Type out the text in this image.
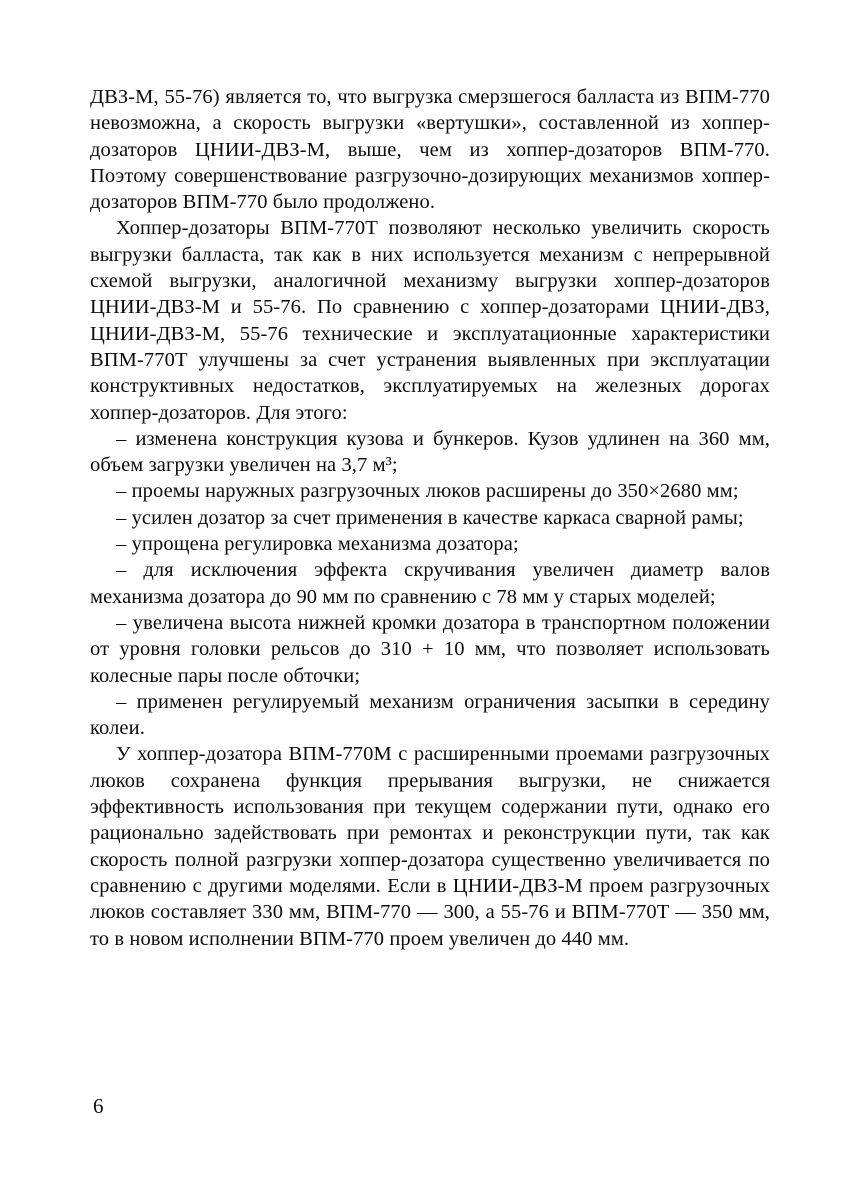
ДВЗ-М, 55-76) является то, что выгрузка смерзшегося балласта из ВПМ-770 невозможна, а скорость выгрузки «вертушки», составленной из хоппер-дозаторов ЦНИИ-ДВЗ-М, выше, чем из хоппер-дозаторов ВПМ-770. Поэтому совершенствование разгрузочно-дозирующих механизмов хоппер-дозаторов ВПМ-770 было продолжено.

Хоппер-дозаторы ВПМ-770Т позволяют несколько увеличить скорость выгрузки балласта, так как в них используется механизм с непрерывной схемой выгрузки, аналогичной механизму выгрузки хоппер-дозаторов ЦНИИ-ДВЗ-М и 55-76. По сравнению с хоппер-дозаторами ЦНИИ-ДВЗ, ЦНИИ-ДВЗ-М, 55-76 технические и эксплуатационные характеристики ВПМ-770Т улучшены за счет устранения выявленных при эксплуатации конструктивных недостатков, эксплуатируемых на железных дорогах хоппер-дозаторов. Для этого:

– изменена конструкция кузова и бункеров. Кузов удлинен на 360 мм, объем загрузки увеличен на 3,7 м³;

– проемы наружных разгрузочных люков расширены до 350×2680 мм;

– усилен дозатор за счет применения в качестве каркаса сварной рамы;

– упрощена регулировка механизма дозатора;

– для исключения эффекта скручивания увеличен диаметр валов механизма дозатора до 90 мм по сравнению с 78 мм у старых моделей;

– увеличена высота нижней кромки дозатора в транспортном положении от уровня головки рельсов до 310 + 10 мм, что позволяет использовать колесные пары после обточки;

– применен регулируемый механизм ограничения засыпки в середину колеи.

У хоппер-дозатора ВПМ-770М с расширенными проемами разгрузочных люков сохранена функция прерывания выгрузки, не снижается эффективность использования при текущем содержании пути, однако его рационально задействовать при ремонтах и реконструкции пути, так как скорость полной разгрузки хоппер-дозатора существенно увеличивается по сравнению с другими моделями. Если в ЦНИИ-ДВЗ-М проем разгрузочных люков составляет 330 мм, ВПМ-770 — 300, а 55-76 и ВПМ-770Т — 350 мм, то в новом исполнении ВПМ-770 проем увеличен до 440 мм.

6
